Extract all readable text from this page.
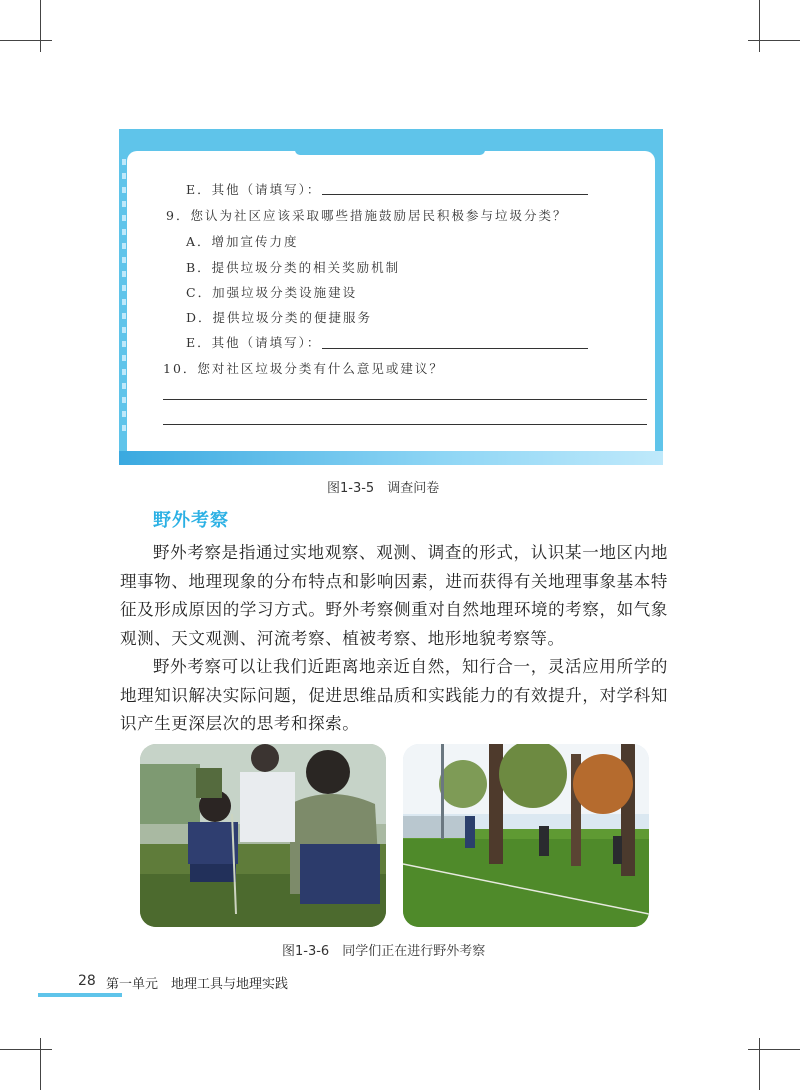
E．其他（请填写）：
9．您认为社区应该采取哪些措施鼓励居民积极参与垃圾分类？
A．增加宣传力度
B．提供垃圾分类的相关奖励机制
C．加强垃圾分类设施建设
D．提供垃圾分类的便捷服务
E．其他（请填写）：
10．您对社区垃圾分类有什么意见或建议？
图1-3-5　调查问卷
野外考察
野外考察是指通过实地观察、观测、调查的形式，认识某一地区内地理事物、地理现象的分布特点和影响因素，进而获得有关地理事象基本特征及形成原因的学习方式。野外考察侧重对自然地理环境的考察，如气象观测、天文观测、河流考察、植被考察、地形地貌考察等。
野外考察可以让我们近距离地亲近自然，知行合一，灵活应用所学的地理知识解决实际问题，促进思维品质和实践能力的有效提升，对学科知识产生更深层次的思考和探索。
图1-3-6　同学们正在进行野外考察
28 第一单元　地理工具与地理实践
